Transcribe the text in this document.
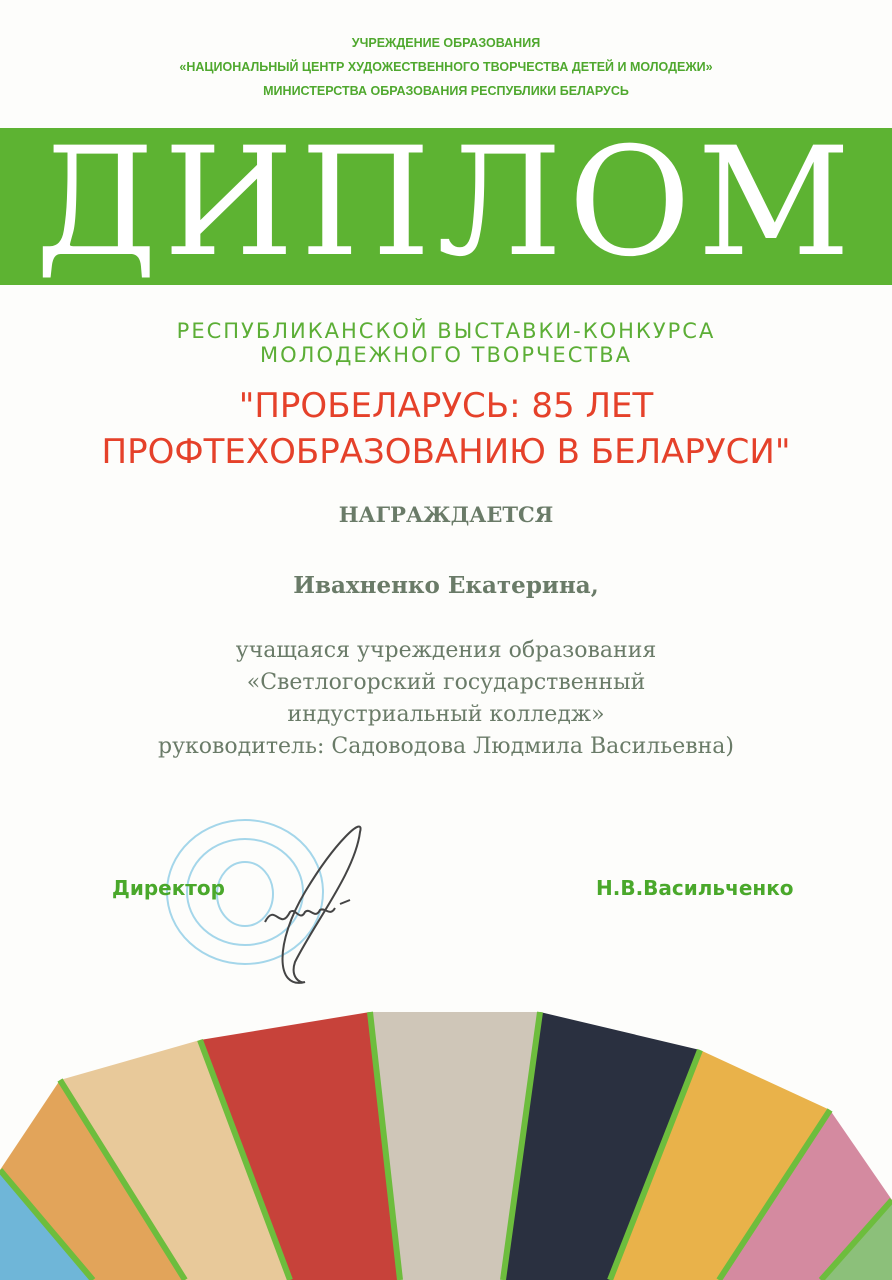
УЧРЕЖДЕНИЕ ОБРАЗОВАНИЯ
«НАЦИОНАЛЬНЫЙ ЦЕНТР ХУДОЖЕСТВЕННОГО ТВОРЧЕСТВА ДЕТЕЙ И МОЛОДЕЖИ»
МИНИСТЕРСТВА ОБРАЗОВАНИЯ РЕСПУБЛИКИ БЕЛАРУСЬ
ДИПЛОМ
РЕСПУБЛИКАНСКОЙ ВЫСТАВКИ-КОНКУРСА
МОЛОДЕЖНОГО ТВОРЧЕСТВА
"ПРОБЕЛАРУСЬ: 85 ЛЕТ
ПРОФТЕХОБРАЗОВАНИЮ В БЕЛАРУСИ"
НАГРАЖДАЕТСЯ
Ивахненко Екатерина,
учащаяся учреждения образования
«Светлогорский государственный
индустриальный колледж»
руководитель: Садоводова Людмила Васильевна)
Директор	Н.В.Васильченко
